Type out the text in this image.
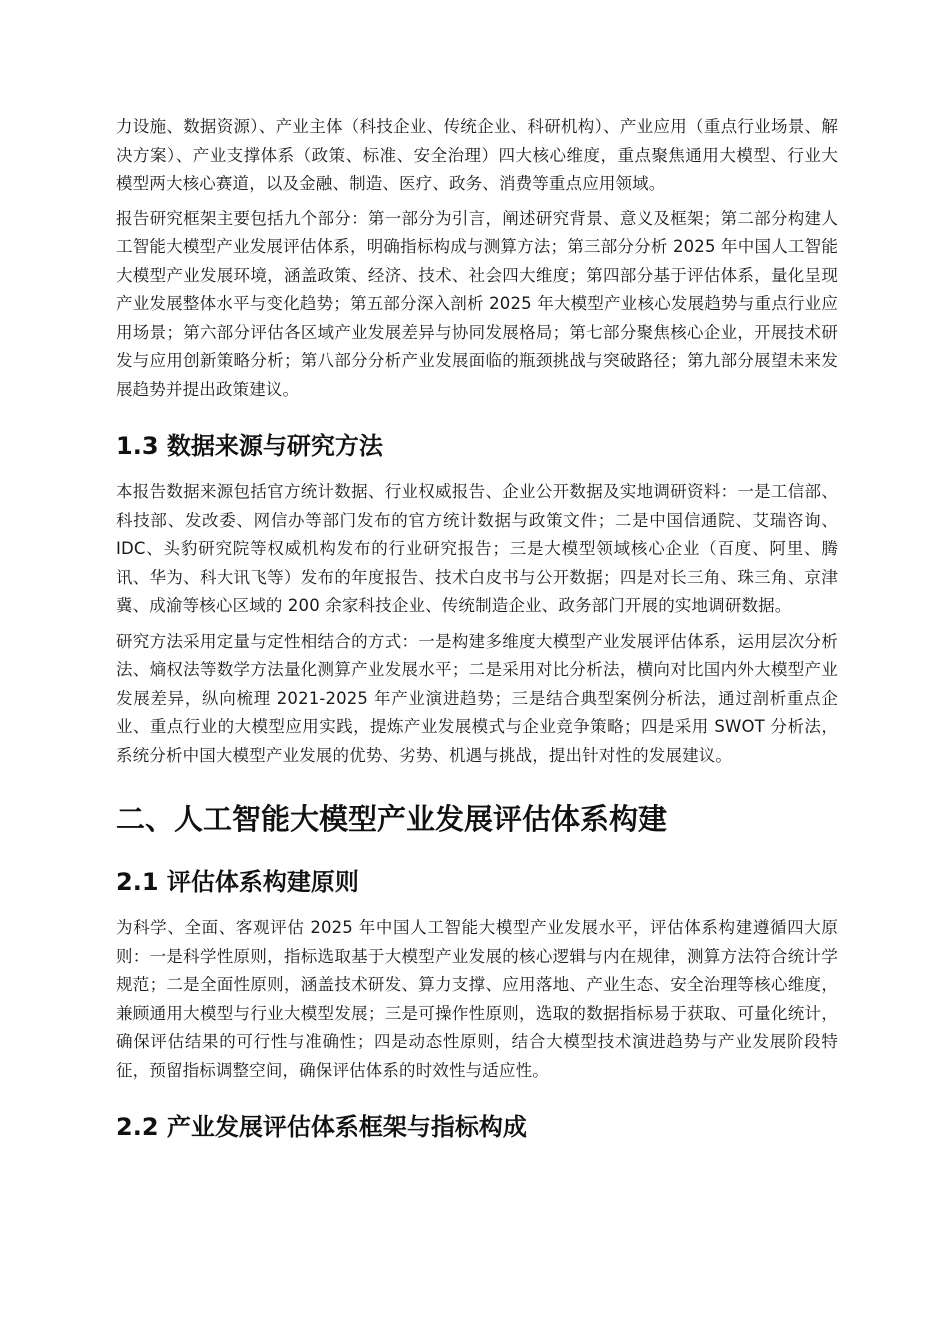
力设施、数据资源）、产业主体（科技企业、传统企业、科研机构）、产业应用（重点行业场景、解决方案）、产业支撑体系（政策、标准、安全治理）四大核心维度，重点聚焦通用大模型、行业大模型两大核心赛道，以及金融、制造、医疗、政务、消费等重点应用领域。

报告研究框架主要包括九个部分：第一部分为引言，阐述研究背景、意义及框架；第二部分构建人工智能大模型产业发展评估体系，明确指标构成与测算方法；第三部分分析 2025 年中国人工智能大模型产业发展环境，涵盖政策、经济、技术、社会四大维度；第四部分基于评估体系，量化呈现产业发展整体水平与变化趋势；第五部分深入剖析 2025 年大模型产业核心发展趋势与重点行业应用场景；第六部分评估各区域产业发展差异与协同发展格局；第七部分聚焦核心企业，开展技术研发与应用创新策略分析；第八部分分析产业发展面临的瓶颈挑战与突破路径；第九部分展望未来发展趋势并提出政策建议。

1.3 数据来源与研究方法

本报告数据来源包括官方统计数据、行业权威报告、企业公开数据及实地调研资料：一是工信部、科技部、发改委、网信办等部门发布的官方统计数据与政策文件；二是中国信通院、艾瑞咨询、IDC、头豹研究院等权威机构发布的行业研究报告；三是大模型领域核心企业（百度、阿里、腾讯、华为、科大讯飞等）发布的年度报告、技术白皮书与公开数据；四是对长三角、珠三角、京津冀、成渝等核心区域的 200 余家科技企业、传统制造企业、政务部门开展的实地调研数据。

研究方法采用定量与定性相结合的方式：一是构建多维度大模型产业发展评估体系，运用层次分析法、熵权法等数学方法量化测算产业发展水平；二是采用对比分析法，横向对比国内外大模型产业发展差异，纵向梳理 2021-2025 年产业演进趋势；三是结合典型案例分析法，通过剖析重点企业、重点行业的大模型应用实践，提炼产业发展模式与企业竞争策略；四是采用 SWOT 分析法，系统分析中国大模型产业发展的优势、劣势、机遇与挑战，提出针对性的发展建议。

二、人工智能大模型产业发展评估体系构建
2.1 评估体系构建原则

为科学、全面、客观评估 2025 年中国人工智能大模型产业发展水平，评估体系构建遵循四大原则：一是科学性原则，指标选取基于大模型产业发展的核心逻辑与内在规律，测算方法符合统计学规范；二是全面性原则，涵盖技术研发、算力支撑、应用落地、产业生态、安全治理等核心维度，兼顾通用大模型与行业大模型发展；三是可操作性原则，选取的数据指标易于获取、可量化统计，确保评估结果的可行性与准确性；四是动态性原则，结合大模型技术演进趋势与产业发展阶段特征，预留指标调整空间，确保评估体系的时效性与适应性。

2.2 产业发展评估体系框架与指标构成
